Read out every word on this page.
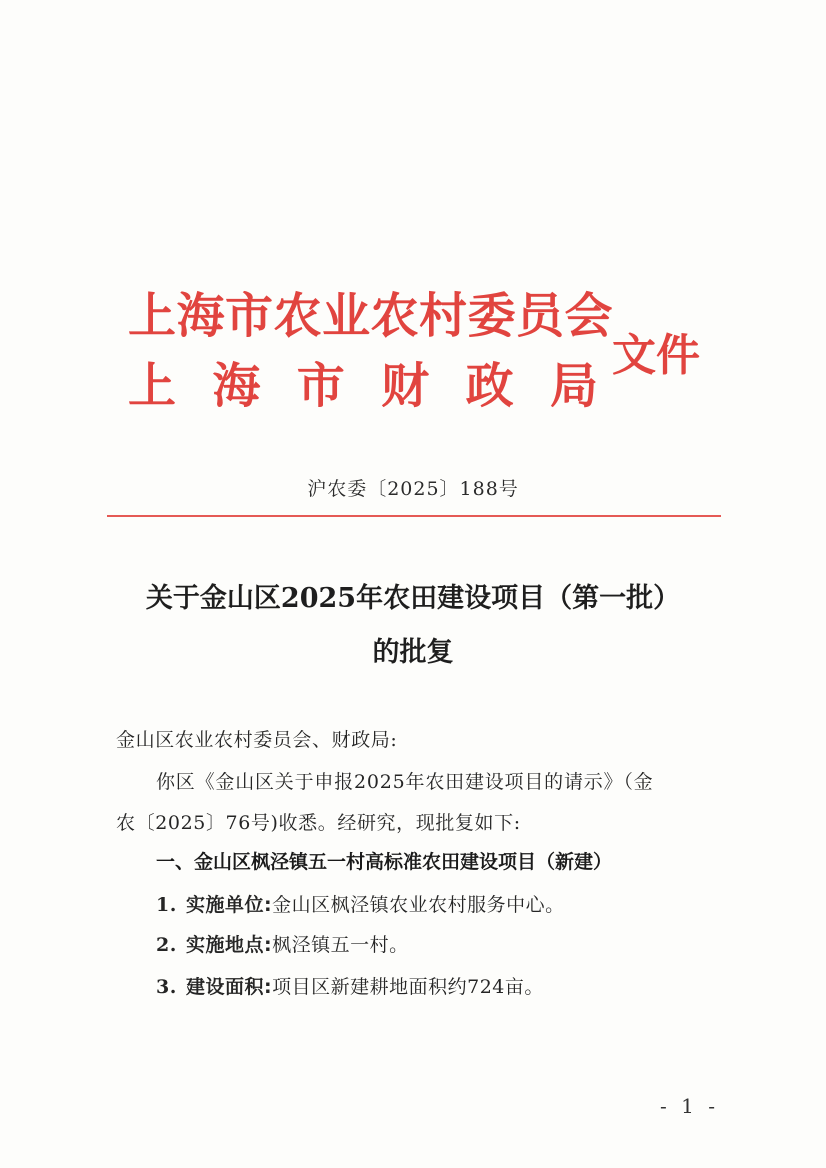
上海市农业农村委员会
上 海 市 财 政 局
文件
沪农委〔2025〕188号
关于金山区2025年农田建设项目（第一批）
的批复
金山区农业农村委员会、财政局:
你区《金山区关于申报2025年农田建设项目的请示》（金
农〔2025〕76号)收悉。经研究，现批复如下:
一、金山区枫泾镇五一村高标准农田建设项目（新建）
1. 实施单位:金山区枫泾镇农业农村服务中心。
2. 实施地点:枫泾镇五一村。
3. 建设面积:项目区新建耕地面积约724亩。
- 1 -
